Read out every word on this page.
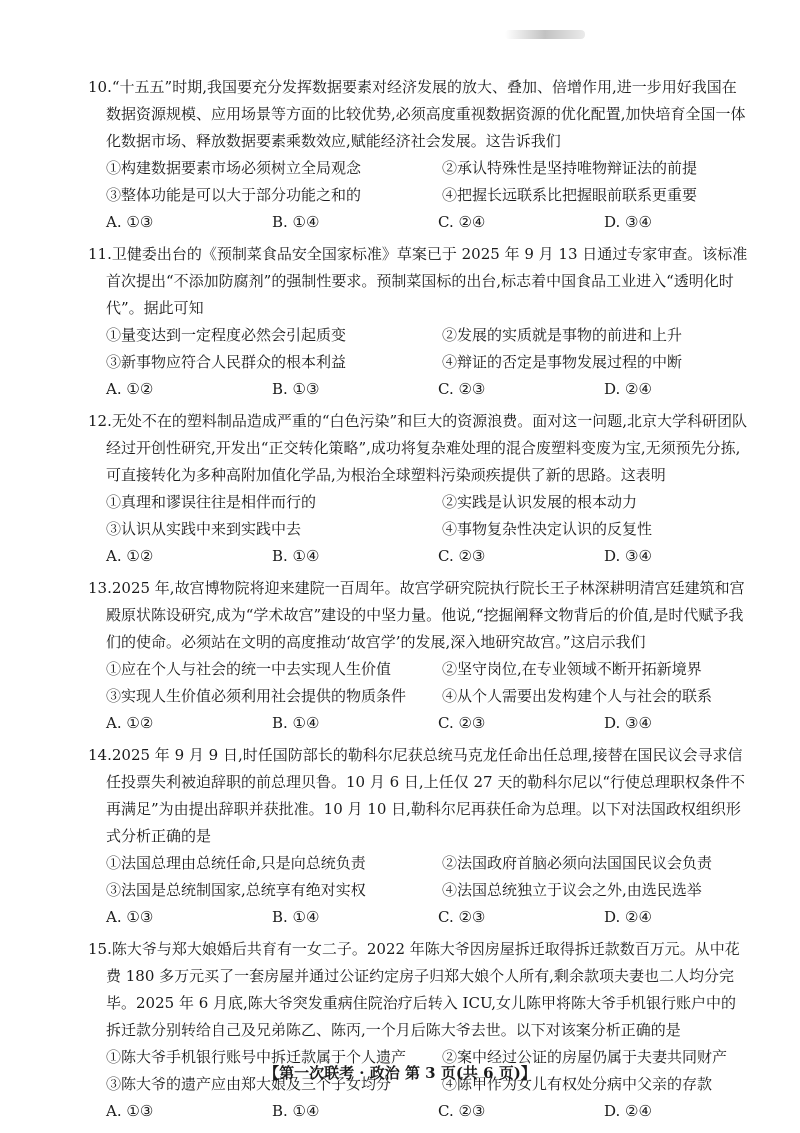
10.“十五五”时期,我国要充分发挥数据要素对经济发展的放大、叠加、倍增作用,进一步用好我国在数据资源规模、应用场景等方面的比较优势,必须高度重视数据资源的优化配置,加快培育全国一体化数据市场、释放数据要素乘数效应,赋能经济社会发展。这告诉我们
①构建数据要素市场必须树立全局观念	②承认特殊性是坚持唯物辩证法的前提
③整体功能是可以大于部分功能之和的	④把握长远联系比把握眼前联系更重要
A. ①③	B. ①④	C. ②④	D. ③④
11.卫健委出台的《预制菜食品安全国家标准》草案已于 2025 年 9 月 13 日通过专家审查。该标准首次提出“不添加防腐剂”的强制性要求。预制菜国标的出台,标志着中国食品工业进入“透明化时代”。据此可知
①量变达到一定程度必然会引起质变	②发展的实质就是事物的前进和上升
③新事物应符合人民群众的根本利益	④辩证的否定是事物发展过程的中断
A. ①②	B. ①③	C. ②③	D. ②④
12.无处不在的塑料制品造成严重的“白色污染”和巨大的资源浪费。面对这一问题,北京大学科研团队经过开创性研究,开发出“正交转化策略”,成功将复杂难处理的混合废塑料变废为宝,无须预先分拣,可直接转化为多种高附加值化学品,为根治全球塑料污染顽疾提供了新的思路。这表明
①真理和谬误往往是相伴而行的	②实践是认识发展的根本动力
③认识从实践中来到实践中去	④事物复杂性决定认识的反复性
A. ①②	B. ①④	C. ②③	D. ③④
13.2025 年,故宫博物院将迎来建院一百周年。故宫学研究院执行院长王子林深耕明清宫廷建筑和宫殿原状陈设研究,成为“学术故宫”建设的中坚力量。他说,“挖掘阐释文物背后的价值,是时代赋予我们的使命。必须站在文明的高度推动‘故宫学’的发展,深入地研究故宫。”这启示我们
①应在个人与社会的统一中去实现人生价值	②坚守岗位,在专业领域不断开拓新境界
③实现人生价值必须利用社会提供的物质条件	④从个人需要出发构建个人与社会的联系
A. ①②	B. ①④	C. ②③	D. ③④
14.2025 年 9 月 9 日,时任国防部长的勒科尔尼获总统马克龙任命出任总理,接替在国民议会寻求信任投票失利被迫辞职的前总理贝鲁。10 月 6 日,上任仅 27 天的勒科尔尼以“行使总理职权条件不再满足”为由提出辞职并获批准。10 月 10 日,勒科尔尼再获任命为总理。以下对法国政权组织形式分析正确的是
①法国总理由总统任命,只是向总统负责	②法国政府首脑必须向法国国民议会负责
③法国是总统制国家,总统享有绝对实权	④法国总统独立于议会之外,由选民选举
A. ①③	B. ①④	C. ②③	D. ②④
15.陈大爷与郑大娘婚后共育有一女二子。2022 年陈大爷因房屋拆迁取得拆迁款数百万元。从中花费 180 多万元买了一套房屋并通过公证约定房子归郑大娘个人所有,剩余款项夫妻也二人均分完毕。2025 年 6 月底,陈大爷突发重病住院治疗后转入 ICU,女儿陈甲将陈大爷手机银行账户中的拆迁款分别转给自己及兄弟陈乙、陈丙,一个月后陈大爷去世。以下对该案分析正确的是
①陈大爷手机银行账号中拆迁款属于个人遗产	②案中经过公证的房屋仍属于夫妻共同财产
③陈大爷的遗产应由郑大娘及三个子女均分	④陈甲作为女儿有权处分病中父亲的存款
A. ①③	B. ①④	C. ②③	D. ②④
【第一次联考 · 政治 第 3 页(共 6 页)】
